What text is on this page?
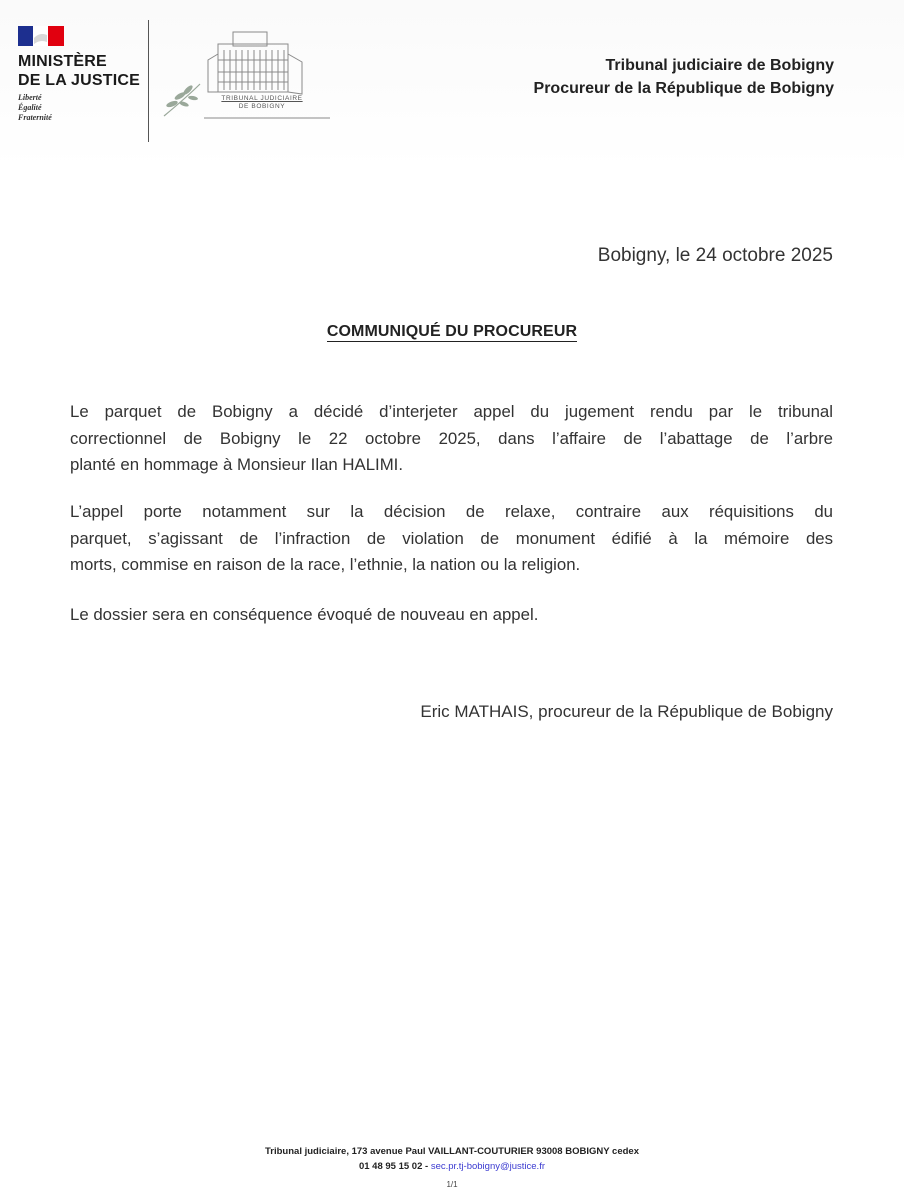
MINISTÈRE
DE LA JUSTICE
Liberté
Égalité
Fraternité
TRIBUNAL JUDICIAIRE
DE BOBIGNY
Tribunal judiciaire de Bobigny
Procureur de la République de Bobigny
Bobigny, le 24 octobre 2025
COMMUNIQUÉ DU PROCUREUR
Le parquet de Bobigny a décidé d’interjeter appel du jugement rendu par le tribunal
correctionnel de Bobigny le 22 octobre 2025, dans l’affaire de l’abattage de l’arbre
planté en hommage à Monsieur Ilan HALIMI.
L’appel porte notamment sur la décision de relaxe, contraire aux réquisitions du
parquet, s’agissant de l’infraction de violation de monument édifié à la mémoire des
morts, commise en raison de la race, l’ethnie, la nation ou la religion.
Le dossier sera en conséquence évoqué de nouveau en appel.
Eric MATHAIS, procureur de la République de Bobigny
Tribunal judiciaire, 173 avenue Paul VAILLANT-COUTURIER 93008 BOBIGNY cedex
01 48 95 15 02 - sec.pr.tj-bobigny@justice.fr
1/1
